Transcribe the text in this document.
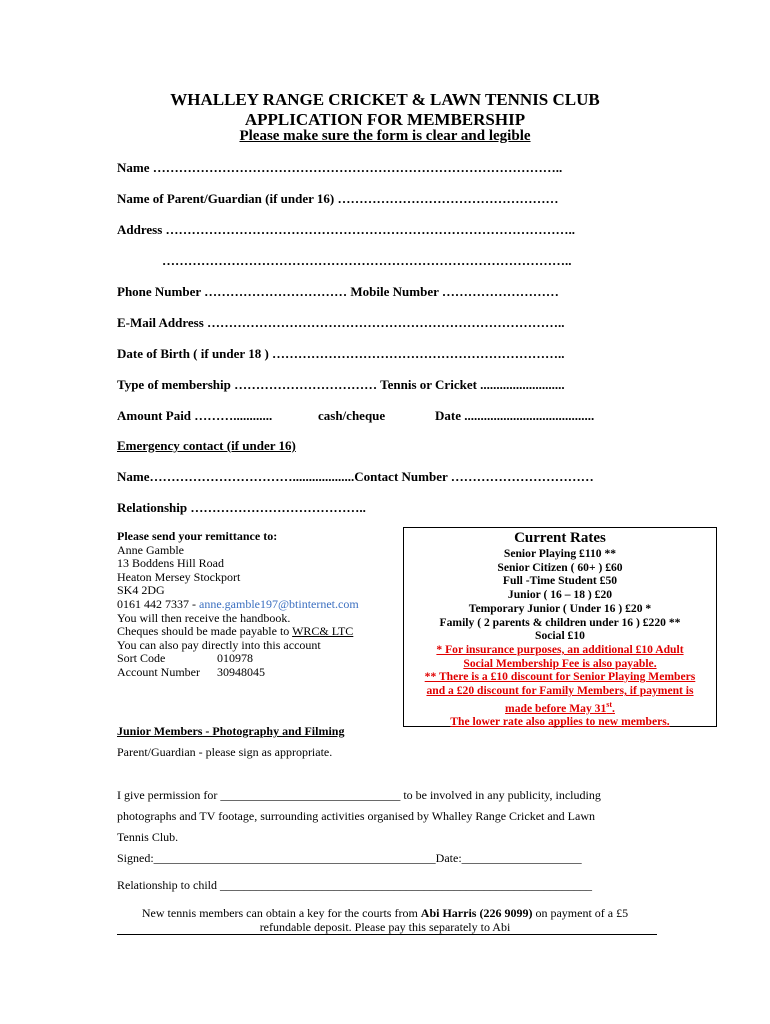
WHALLEY RANGE CRICKET & LAWN TENNIS CLUB
APPLICATION FOR MEMBERSHIP
Please make sure the form is clear and legible
Name …………………………………………………………………………………..
Name of Parent/Guardian (if under 16) ……………………………………………
Address …………………………………………………………………………………..
…………………………………………………………………………………..
Phone Number …………………………… Mobile Number ………………………
E-Mail Address ………………………………………………………………………..
Date of Birth ( if under 18 ) …………………………………………………………..
Type of membership …………………………… Tennis or Cricket ..........................
Amount Paid ………............	cash/cheque	Date ........................................
Emergency contact (if under 16)
Name……………………………...................Contact Number ……………………………
Relationship …………………………………..
Please send your remittance to:
Anne Gamble
13 Boddens Hill Road
Heaton Mersey Stockport
SK4 2DG
0161 442 7337 - anne.gamble197@btinternet.com
You will then receive the handbook.
Cheques should be made payable to WRC& LTC
You can also pay directly into this account
Sort Code	010978
Account Number 30948045
Current Rates
Senior Playing £110 **
Senior Citizen ( 60+ ) £60
Full -Time Student £50
Junior ( 16 – 18 ) £20
Temporary Junior ( Under 16 ) £20 *
Family ( 2 parents & children under 16 ) £220 **
Social £10
* For insurance purposes, an additional £10 Adult
Social Membership Fee is also payable.
** There is a £10 discount for Senior Playing Members
and a £20 discount for Family Members, if payment is
made before May 31st.
The lower rate also applies to new members.
Junior Members - Photography and Filming
Parent/Guardian - please sign as appropriate.
I give permission for ______________________________ to be involved in any publicity, including
photographs and TV footage, surrounding activities organised by Whalley Range Cricket and Lawn
Tennis Club.
Signed:_______________________________________________Date:____________________
Relationship to child ______________________________________________________________
New tennis members can obtain a key for the courts from Abi Harris (226 9099) on payment of a £5
refundable deposit. Please pay this separately to Abi
